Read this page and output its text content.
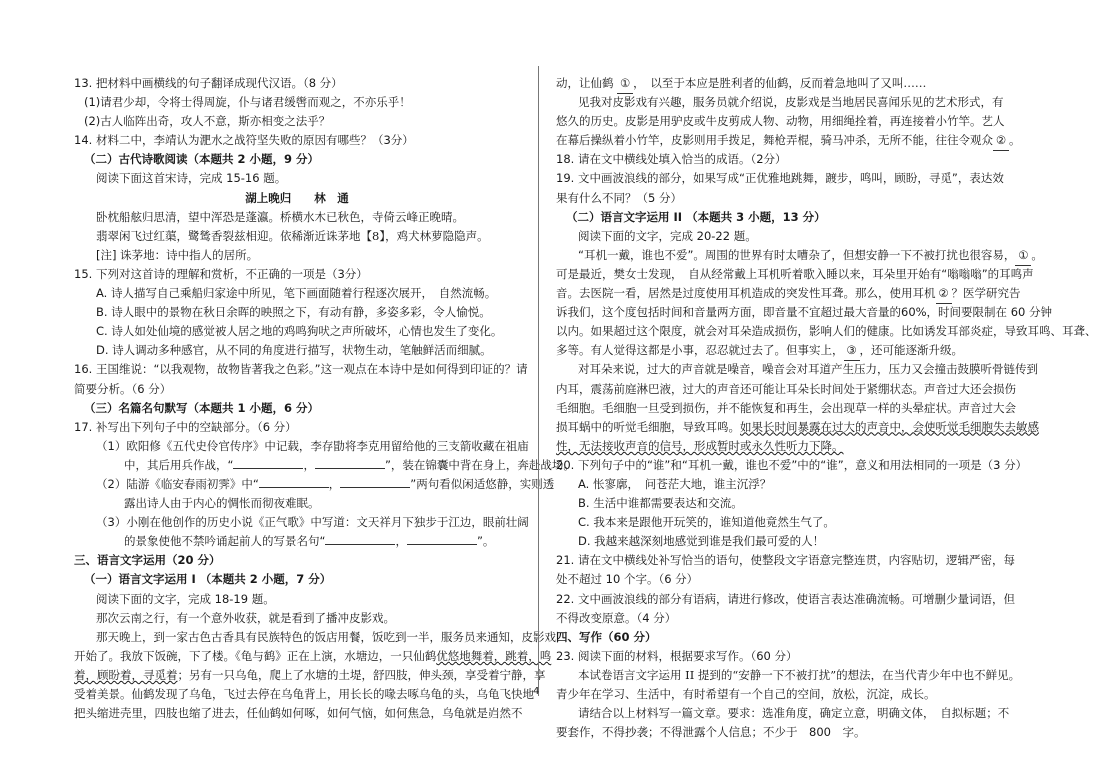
13. 把材料中画横线的句子翻译成现代汉语。（8 分）
(1)请君少却，令将士得周旋，仆与诸君缓辔而观之，不亦乐乎！
(2)古人临阵出奇，攻人不意，斯亦相变之法乎？
14. 材料二中，李靖认为淝水之战符坚失败的原因有哪些？（3分）
（二）古代诗歌阅读（本题共 2 小题，9 分）
阅读下面这首宋诗，完成 15-16 题。
湖上晚归　　林　通
卧枕船舷归思清，望中浑恐是蓬瀛。桥横水木已秋色，寺倚云峰正晚晴。
翡翠闲飞过红蕖，鹭鸶香裂兹相迎。依稀渐近诛茅地【8】，鸡犬林萝隐隐声。
[注] 诛茅地：诗中指人的居所。
15. 下列对这首诗的理解和赏析，不正确的一项是（3分）
A. 诗人描写自己乘船归家途中所见，笔下画面随着行程逐次展开，　自然流畅。
B. 诗人眼中的景物在秋日余晖的映照之下，有动有静，多姿多彩，令人愉悦。
C. 诗人如处仙境的感觉被人居之地的鸡鸣狗吠之声所破坏，心情也发生了变化。
D. 诗人调动多种感官，从不同的角度进行描写，状物生动，笔触鲜活而细腻。
16. 王国维说：“以我观物，故物皆著我之色彩。”这一观点在本诗中是如何得到印证的？请
简要分析。（6 分）
（三）名篇名句默写（本题共 1 小题，6 分）
17. 补写出下列句子中的空缺部分。（6 分）
（1）欧阳修《五代史伶官传序》中记载，李存勖将李克用留给他的三支箭收藏在祖庙
中，其后用兵作战，“	，	”，装在锦囊中背在身上，奔赴战场。
（2）陆游《临安春雨初霁》中“	，	”两句看似闲适悠静，实则透
露出诗人由于内心的惆怅而彻夜难眠。
（3）小刚在他创作的历史小说《正气歌》中写道：文天祥月下独步于江边，眼前壮阔
的景象使他不禁吟诵起前人的写景名句“	，	”。
三、语言文字运用（20 分）
（一）语言文字运用 I （本题共 2 小题，7 分）
阅读下面的文字，完成 18-19 题。
那次云南之行，有一个意外收获，就是看到了播冲皮影戏。
那天晚上，到一家古色古香具有民族特色的饭店用餐，饭吃到一半，服务员来通知，皮影戏
开始了。我放下饭碗，下了楼。《龟与鹤》正在上演，水塘边，一只仙鹤优悠地舞着，跳着，鸣
着，顾盼着，寻觅着；另有一只乌龟，爬上了水塘的土堤，舒四肢，伸头颈，享受着宁静，享
受着美景。仙鹤发现了乌龟，飞过去停在乌龟背上，用长长的喙去啄乌龟的头，乌龟飞快地
把头缩进壳里，四肢也缩了进去，任仙鹤如何啄，如何气恼，如何焦急，乌龟就是岿然不
动，让仙鹤 ① ，　以至于本应是胜利者的仙鹤，反而着急地叫了又叫……
见我对皮影戏有兴趣，服务员就介绍说，皮影戏是当地居民喜闻乐见的艺术形式，有
悠久的历史。皮影是用驴皮或牛皮剪成人物、动物，用细绳拴着，再连接着小竹竿。艺人
在幕后操纵着小竹竿，皮影则用手拨足，舞枪弄棍，骑马冲杀，无所不能，往往令观众 ② 。
18. 请在文中横线处填入恰当的成语。（2分）
19. 文中画波浪线的部分，如果写成“正优雅地跳舞，踱步，鸣叫，顾盼，寻觅”，表达效
果有什么不同？（5 分）
（二）语言文字运用 II （本题共 3 小题，13 分）
阅读下面的文字，完成 20-22 题。
“耳机一戴，谁也不爱”。周围的世界有时太嘈杂了，但想安静一下不被打扰也很容易， ① 。
可是最近，樊女士发现，　自从经常戴上耳机听着歌入睡以来，耳朵里开始有“嗡嗡嗡”的耳鸣声
音。去医院一看，居然是过度使用耳机造成的突发性耳聋。那么，使用耳机 ② ？医学研究告
诉我们，这个度包括时间和音量两方面，即音量不宜超过最大音量的60%，时间要限制在 60 分钟
以内。如果超过这个限度，就会对耳朵造成损伤，影响人们的健康。比如诱发耳部炎症，导致耳鸣、耳聋、
多等。有人觉得这都是小事，忍忍就过去了。但事实上， ③ ，还可能逐渐升级。
对耳朵来说，过大的声音就是噪音，噪音会对耳道产生压力，压力又会撞击鼓膜听骨链传到
内耳，震荡前庭淋巴液，过大的声音还可能让耳朵长时间处于紧绷状态。声音过大还会损伤
毛细胞。毛细胞一旦受到损伤，并不能恢复和再生，会出现草一样的头晕症状。声音过大会
损耳蜗中的听觉毛细胞，导致耳鸣。如果长时间暴露在过大的声音中，会使听觉毛细胞失去敏感
性，无法接收声音的信号，形成暂时或永久性听力下降。
20. 下列句子中的“谁”和“耳机一戴，谁也不爱”中的“谁”，意义和用法相同的一项是（3 分）
A. 怅寥廓，　问苍茫大地，谁主沉浮？
B. 生活中谁都需要表达和交流。
C. 我本来是跟他开玩笑的，谁知道他竟然生气了。
D. 我越来越深刻地感觉到谁是我们最可爱的人！
21. 请在文中横线处补写恰当的语句，使整段文字语意完整连贯，内容贴切，逻辑严密，每
处不超过 10 个字。（6 分）
22. 文中画波浪线的部分有语病，请进行修改，使语言表达准确流畅。可增删少量词语，但
不得改变原意。（4 分）
四、写作（60 分）
23. 阅读下面的材料，根据要求写作。（60 分）
本试卷语言文字运用 II 提到的“安静一下不被打扰”的想法，在当代青少年中也不鲜见。
青少年在学习、生活中，有时希望有一个自己的空间，放松，沉淀，成长。
请结合以上材料写一篇文章。要求：选准角度，确定立意，明确文体，　自拟标题；不
要套作，不得抄袭；不得泄露个人信息；不少于　800　字。
4
